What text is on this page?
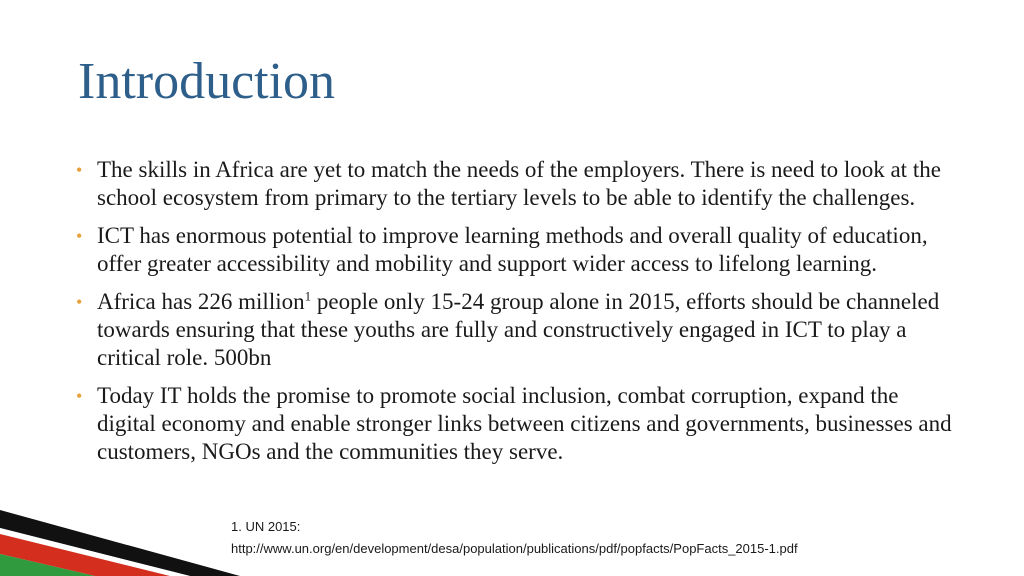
Introduction
• The skills in Africa are yet to match the needs of the employers. There is need to look at the school ecosystem from primary to the tertiary levels to be able to identify the challenges.
• ICT has enormous potential to improve learning methods and overall quality of education, offer greater accessibility and mobility and support wider access to lifelong learning.
• Africa has 226 million$^1$ people only 15-24 group alone in 2015, efforts should be channeled towards ensuring that these youths are fully and constructively engaged in ICT to play a critical role. 500bn
• Today IT holds the promise to promote social inclusion, combat corruption, expand the digital economy and enable stronger links between citizens and governments, businesses and customers, NGOs and the communities they serve.
1. UN 2015:
http://www.un.org/en/development/desa/population/publications/pdf/popfacts/PopFacts_2015-1.pdf
